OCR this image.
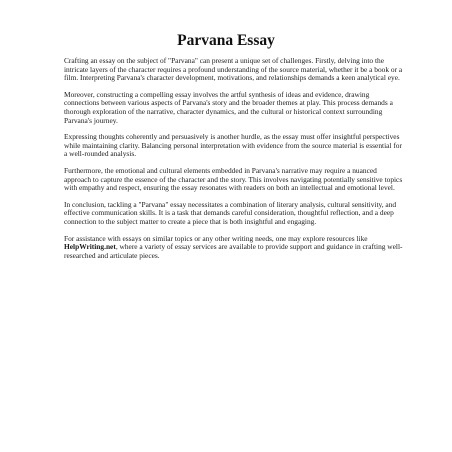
Parvana Essay

Crafting an essay on the subject of "Parvana" can present a unique set of challenges. Firstly, delving into the intricate layers of the character requires a profound understanding of the source material, whether it be a book or a film. Interpreting Parvana's character development, motivations, and relationships demands a keen analytical eye.

Moreover, constructing a compelling essay involves the artful synthesis of ideas and evidence, drawing connections between various aspects of Parvana's story and the broader themes at play. This process demands a thorough exploration of the narrative, character dynamics, and the cultural or historical context surrounding Parvana's journey.

Expressing thoughts coherently and persuasively is another hurdle, as the essay must offer insightful perspectives while maintaining clarity. Balancing personal interpretation with evidence from the source material is essential for a well-rounded analysis.

Furthermore, the emotional and cultural elements embedded in Parvana's narrative may require a nuanced approach to capture the essence of the character and the story. This involves navigating potentially sensitive topics with empathy and respect, ensuring the essay resonates with readers on both an intellectual and emotional level.

In conclusion, tackling a "Parvana" essay necessitates a combination of literary analysis, cultural sensitivity, and effective communication skills. It is a task that demands careful consideration, thoughtful reflection, and a deep connection to the subject matter to create a piece that is both insightful and engaging.

For assistance with essays on similar topics or any other writing needs, one may explore resources like HelpWriting.net, where a variety of essay services are available to provide support and guidance in crafting well-researched and articulate pieces.
